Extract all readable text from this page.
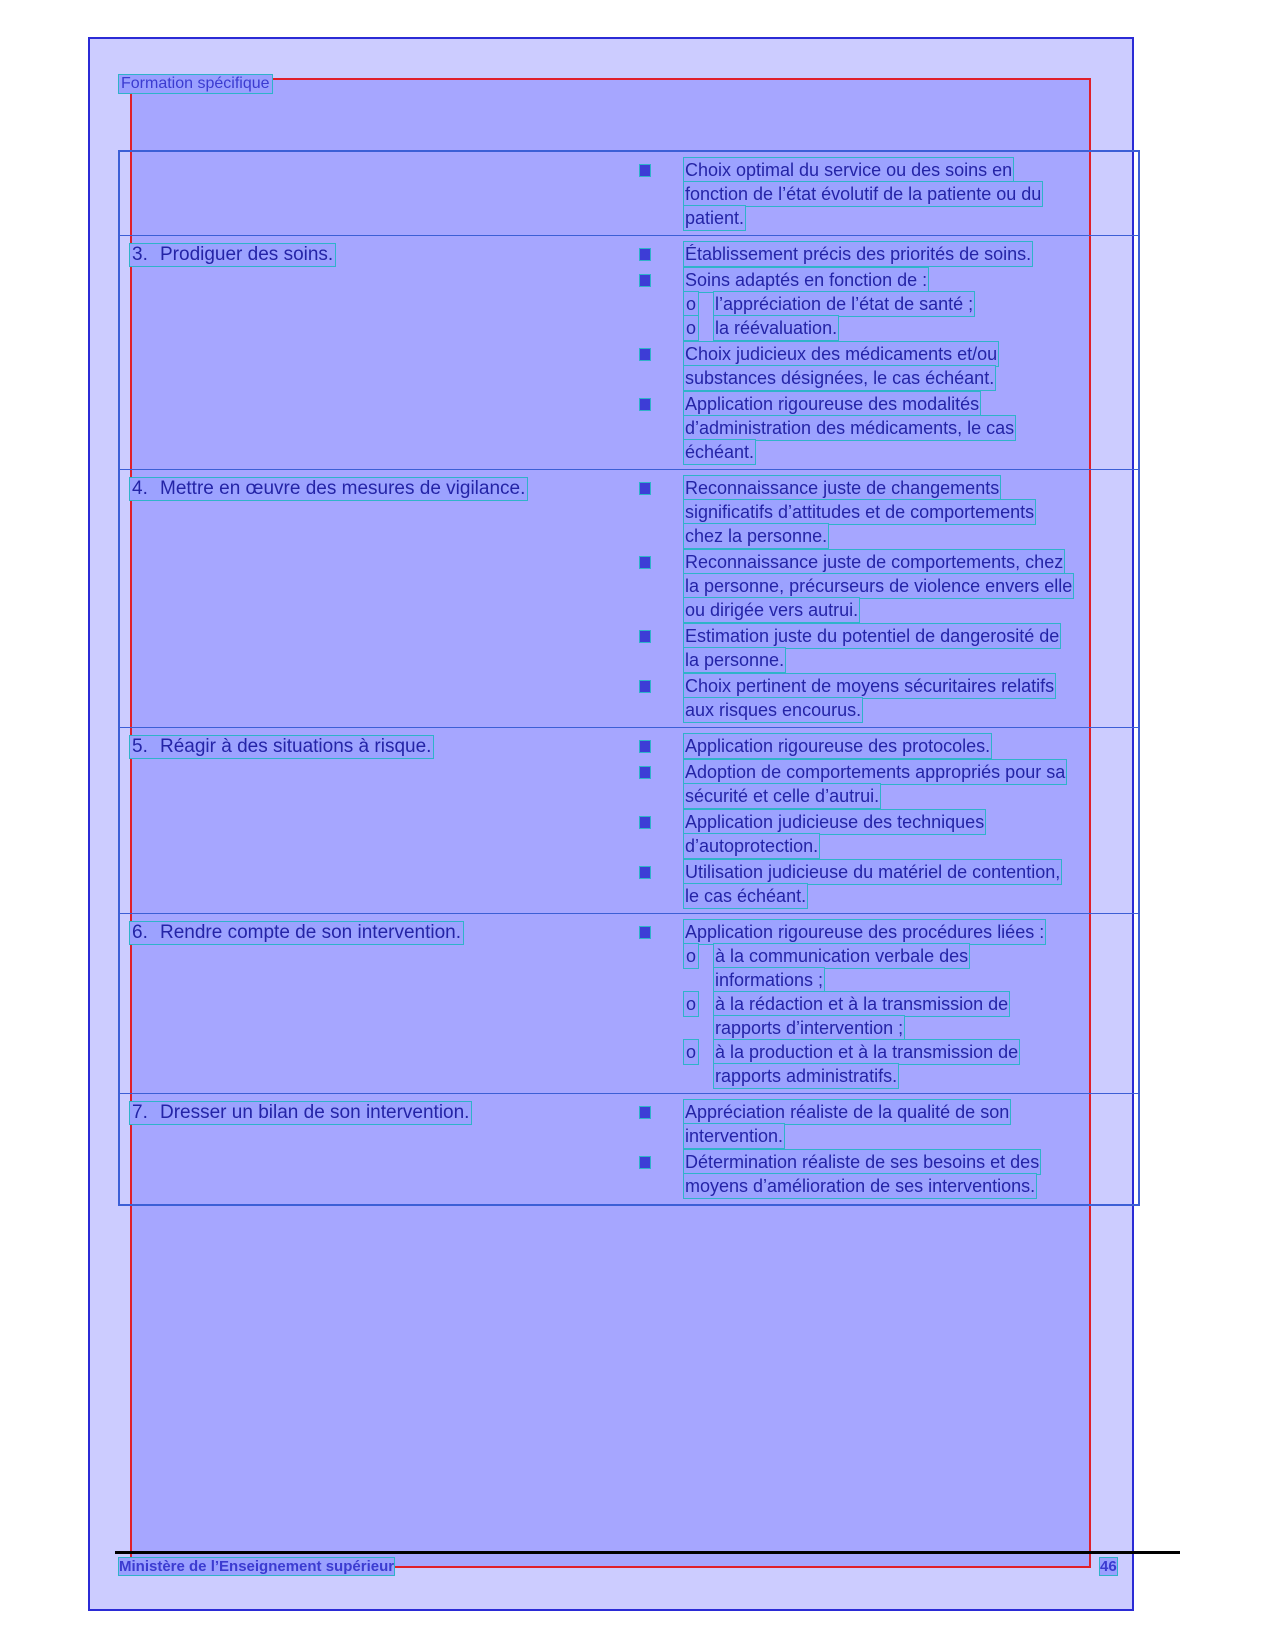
Formation spécifique
Choix optimal du service ou des soins en
fonction de l’état évolutif de la patiente ou du
patient.
Établissement précis des priorités de soins.
Soins adaptés en fonction de :
o l’appréciation de l’état de santé ;
o la réévaluation.
Choix judicieux des médicaments et/ou
substances désignées, le cas échéant.
Application rigoureuse des modalités
d’administration des médicaments, le cas
échéant.
3. Prodiguer des soins.
Reconnaissance juste de changements
significatifs d’attitudes et de comportements
chez la personne.
Reconnaissance juste de comportements, chez
la personne, précurseurs de violence envers elle
ou dirigée vers autrui.
Estimation juste du potentiel de dangerosité de
la personne.
Choix pertinent de moyens sécuritaires relatifs
aux risques encourus.
4. Mettre en œuvre des mesures de vigilance.
Application rigoureuse des protocoles.
Adoption de comportements appropriés pour sa
sécurité et celle d’autrui.
Application judicieuse des techniques
d’autoprotection.
Utilisation judicieuse du matériel de contention,
le cas échéant.
5. Réagir à des situations à risque.
Application rigoureuse des procédures liées :
o à la communication verbale des
informations ;
o à la rédaction et à la transmission de
rapports d’intervention ;
o à la production et à la transmission de
rapports administratifs.
6. Rendre compte de son intervention.
Appréciation réaliste de la qualité de son
intervention.
Détermination réaliste de ses besoins et des
moyens d’amélioration de ses interventions.
7. Dresser un bilan de son intervention.
Ministère de l’Enseignement supérieur	46
